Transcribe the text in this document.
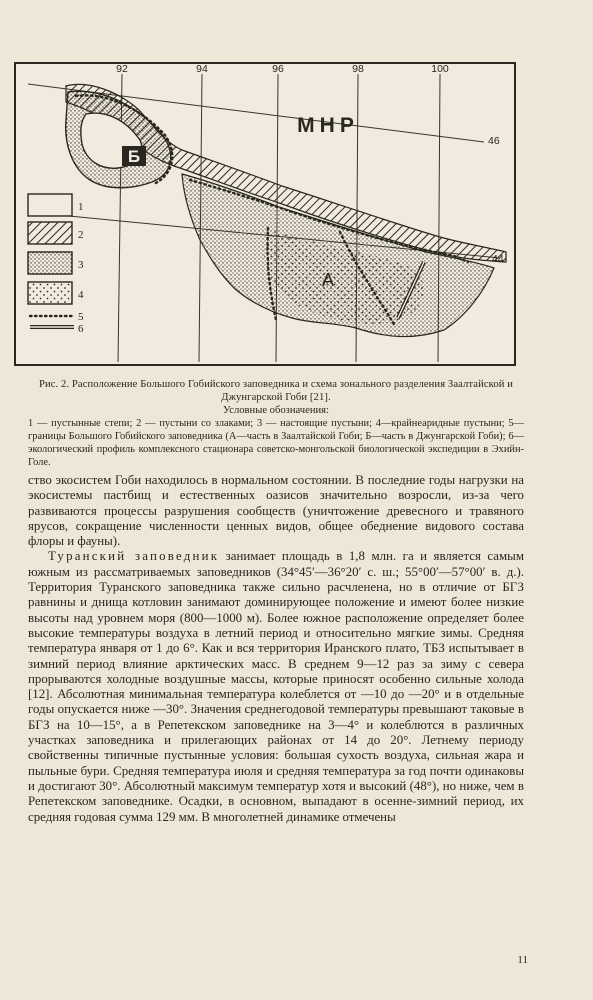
Б
1
2
3
4
5
6
92	94	96	98	100
46
44
МНР
А
Рис. 2. Расположение Большого Гобийского заповедника и схема зонального разделения Заалтайской и Джунгарской Гоби [21].
Условные обозначения:
1 — пустынные степи; 2 — пустыни со злаками; 3 — настоящие пустыни; 4—крайнеаридные пустыни; 5—границы Большого Гобийского заповедника (А—часть в Заалтайской Гоби; Б—часть в Джунгарской Гоби); 6—экологический профиль комплексного стационара советско-монгольской биологической экспедиции в Эхийн-Голе.

ство экосистем Гоби находилось в нормальном состоянии. В последние годы нагрузки на экосистемы пастбищ и естественных оазисов значительно возросли, из-за чего развиваются процессы разрушения сообществ (уничтожение древесного и травяного ярусов, сокращение численности ценных видов, общее обеднение видового состава флоры и фауны).

Туранский заповедник занимает площадь в 1,8 млн. га и является самым южным из рассматриваемых заповедников (34°45′—36°20′ с. ш.; 55°00′—57°00′ в. д.). Территория Туранского заповедника также сильно расчленена, но в отличие от БГЗ равнины и днища котловин занимают доминирующее положение и имеют более низкие высоты над уровнем моря (800—1000 м). Более южное расположение определяет более высокие температуры воздуха в летний период и относительно мягкие зимы. Средняя температура января от 1 до 6°. Как и вся территория Иранского плато, ТБЗ испытывает в зимний период влияние арктических масс. В среднем 9—12 раз за зиму с севера прорываются холодные воздушные массы, которые приносят особенно сильные холода [12]. Абсолютная минимальная температура колеблется от —10 до —20° и в отдельные годы опускается ниже —30°. Значения среднегодовой температуры превышают таковые в БГЗ на 10—15°, а в Репетекском заповеднике на 3—4° и колеблются в различных участках заповедника и прилегающих районах от 14 до 20°. Летнему периоду свойственны типичные пустынные условия: большая сухость воздуха, сильная жара и пыльные бури. Средняя температура июля и средняя температура за год почти одинаковы и достигают 30°. Абсолютный максимум температур хотя и высокий (48°), но ниже, чем в Репетекском заповеднике. Осадки, в основном, выпадают в осенне-зимний период, их средняя годовая сумма 129 мм. В многолетней динамике отмечены

11
